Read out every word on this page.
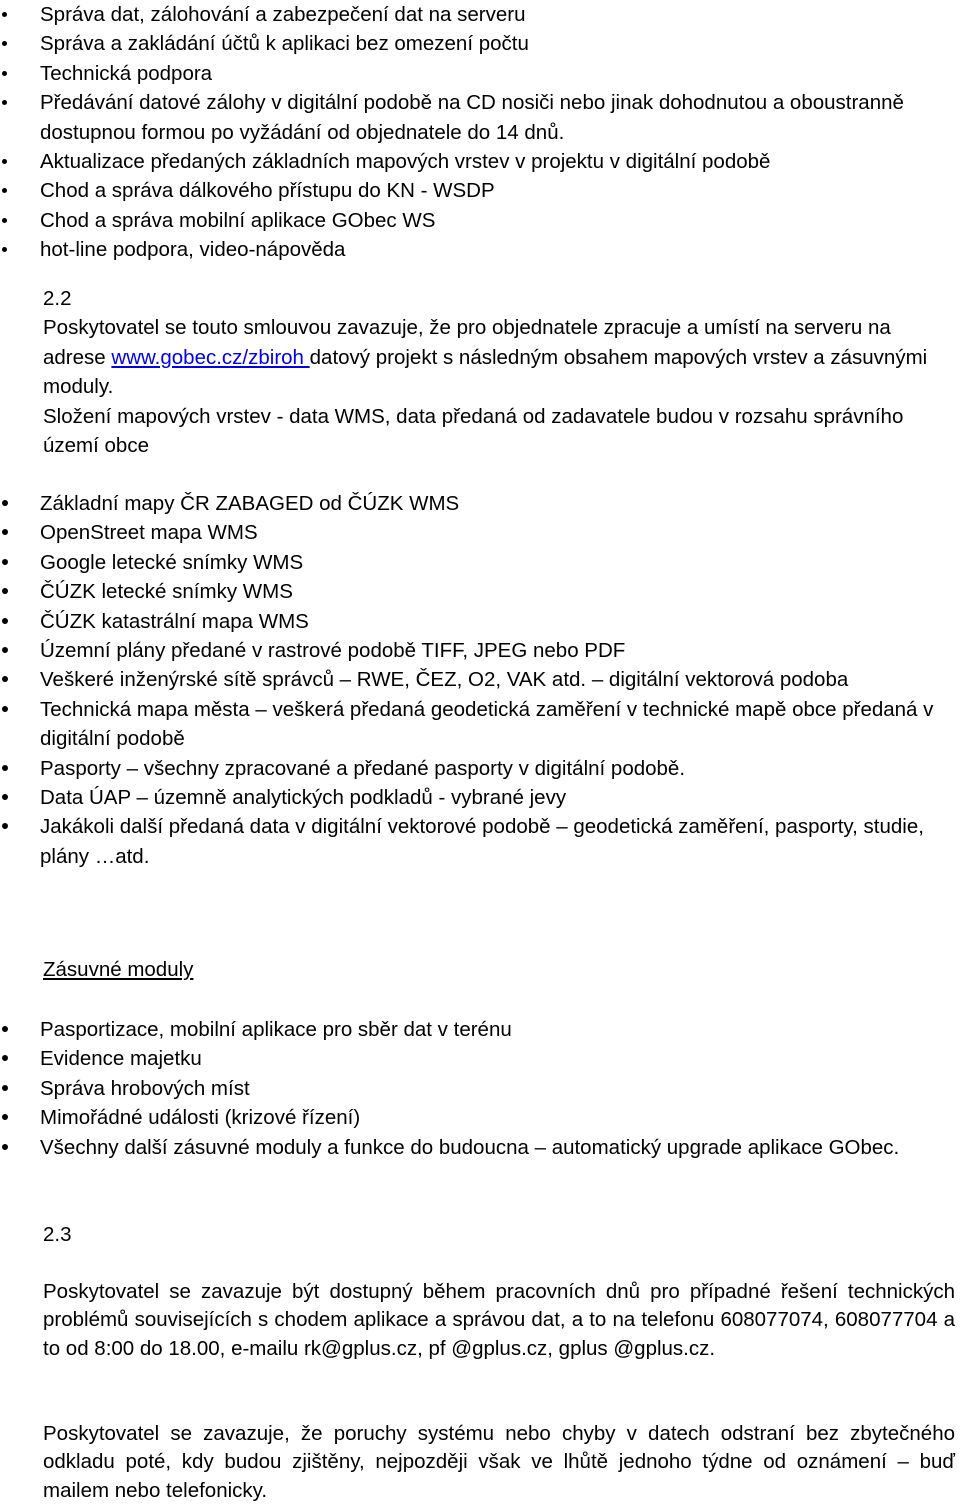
Správa dat, zálohování a zabezpečení dat na serveru
Správa a zakládání účtů k aplikaci bez omezení počtu
Technická podpora
Předávání datové zálohy v digitální podobě na CD nosiči nebo jinak dohodnutou a oboustranně dostupnou formou po vyžádání od objednatele do 14 dnů.
Aktualizace předaných základních mapových vrstev v projektu v digitální podobě
Chod a správa dálkového přístupu do KN - WSDP
Chod a správa mobilní aplikace GObec WS
hot-line podpora, video-nápověda

2.2

Poskytovatel se touto smlouvou zavazuje, že pro objednatele zpracuje a umístí na serveru na adrese www.gobec.cz/zbiroh datový projekt s následným obsahem mapových vrstev a zásuvnými moduly.

Složení mapových vrstev - data WMS, data předaná od zadavatele budou v rozsahu správního území obce

Základní mapy ČR ZABAGED od ČÚZK WMS
OpenStreet mapa WMS
Google letecké snímky WMS
ČÚZK letecké snímky WMS
ČÚZK katastrální mapa WMS
Územní plány předané v rastrové podobě TIFF, JPEG nebo PDF
Veškeré inženýrské sítě správců – RWE, ČEZ, O2, VAK atd. – digitální vektorová podoba
Technická mapa města – veškerá předaná geodetická zaměření v technické mapě obce předaná v digitální podobě
Pasporty – všechny zpracované a předané pasporty v digitální podobě.
Data ÚAP – územně analytických podkladů - vybrané jevy
Jakákoli další předaná data v digitální vektorové podobě – geodetická zaměření, pasporty, studie, plány …atd.
Zásuvné moduly
Pasportizace, mobilní aplikace pro sběr dat v terénu
Evidence majetku
Správa hrobových míst
Mimořádné události (krizové řízení)
Všechny další zásuvné moduly a funkce do budoucna – automatický upgrade aplikace GObec.
2.3

Poskytovatel se zavazuje být dostupný během pracovních dnů pro případné řešení technických problémů souvisejících s chodem aplikace a správou dat, a to na telefonu 608077074, 608077704 a to od 8:00 do 18.00, e-mailu rk@gplus.cz, pf @gplus.cz, gplus @gplus.cz.

Poskytovatel se zavazuje, že poruchy systému nebo chyby v datech odstraní bez zbytečného odkladu poté, kdy budou zjištěny, nejpozději však ve lhůtě jednoho týdne od oznámení – buď mailem nebo telefonicky.
